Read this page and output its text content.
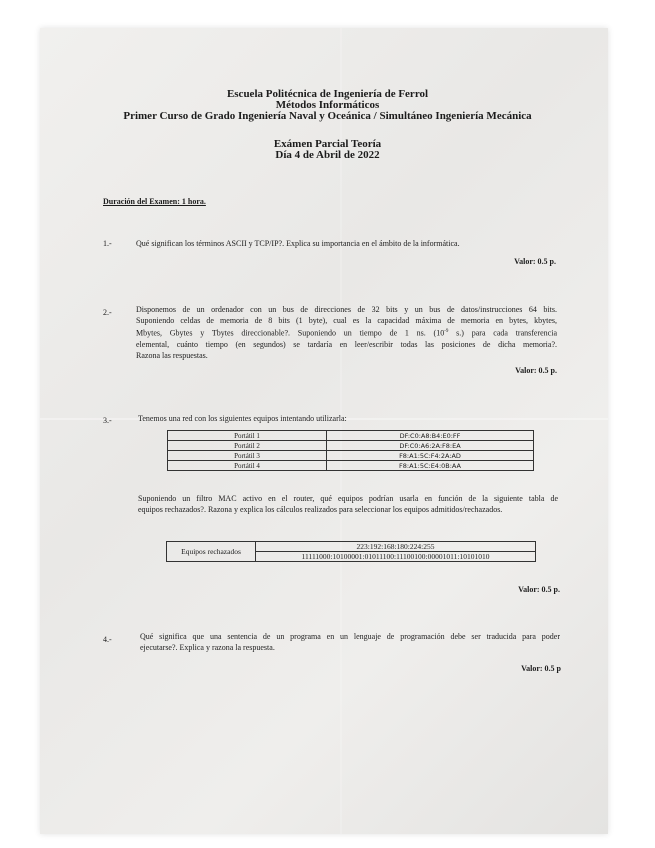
Escuela Politécnica de Ingeniería de Ferrol
Métodos Informáticos
Primer Curso de Grado Ingeniería Naval y Oceánica / Simultáneo Ingeniería Mecánica
Exámen Parcial Teoría
Día 4 de Abril de 2022
Duración del Examen: 1 hora.
1.-	Qué significan los términos ASCII y TCP/IP?. Explica su importancia en el ámbito de la informática.
Valor: 0.5 p.
2.-	Disponemos de un ordenador con un bus de direcciones de 32 bits y un bus de datos/instrucciones 64 bits.
Suponiendo celdas de memoria de 8 bits (1 byte), cual es la capacidad máxima de memoria en bytes, kbytes,
Mbytes, Gbytes y Tbytes direccionable?. Suponiendo un tiempo de 1 ns. ($10^{-9}$ s.) para cada transferencia
elemental, cuánto tiempo (en segundos) se tardaría en leer/escribir todas las posiciones de dicha memoria?.
Razona las respuestas.
Valor: 0.5 p.
3.-	Tenemos una red con los siguientes equipos intentando utilizarla:
Portátil 1	DF:C0:A8:B4:E0:FF
Portátil 2	DF:C0:A6:2A:F8:EA
Portátil 3	F8:A1:5C:F4:2A:AD
Portátil 4	F8:A1:5C:E4:0B:AA
Suponiendo un filtro MAC activo en el router, qué equipos podrían usarla en función de la siguiente tabla de
equipos rechazados?. Razona y explica los cálculos realizados para seleccionar los equipos admitidos/rechazados.
Equipos rechazados	223:192:168:180:224:255
11111000:10100001:01011100:11100100:00001011:10101010
Valor: 0.5 p.
4.-	Qué significa que una sentencia de un programa en un lenguaje de programación debe ser traducida para poder
ejecutarse?. Explica y razona la respuesta.
Valor: 0.5 p
